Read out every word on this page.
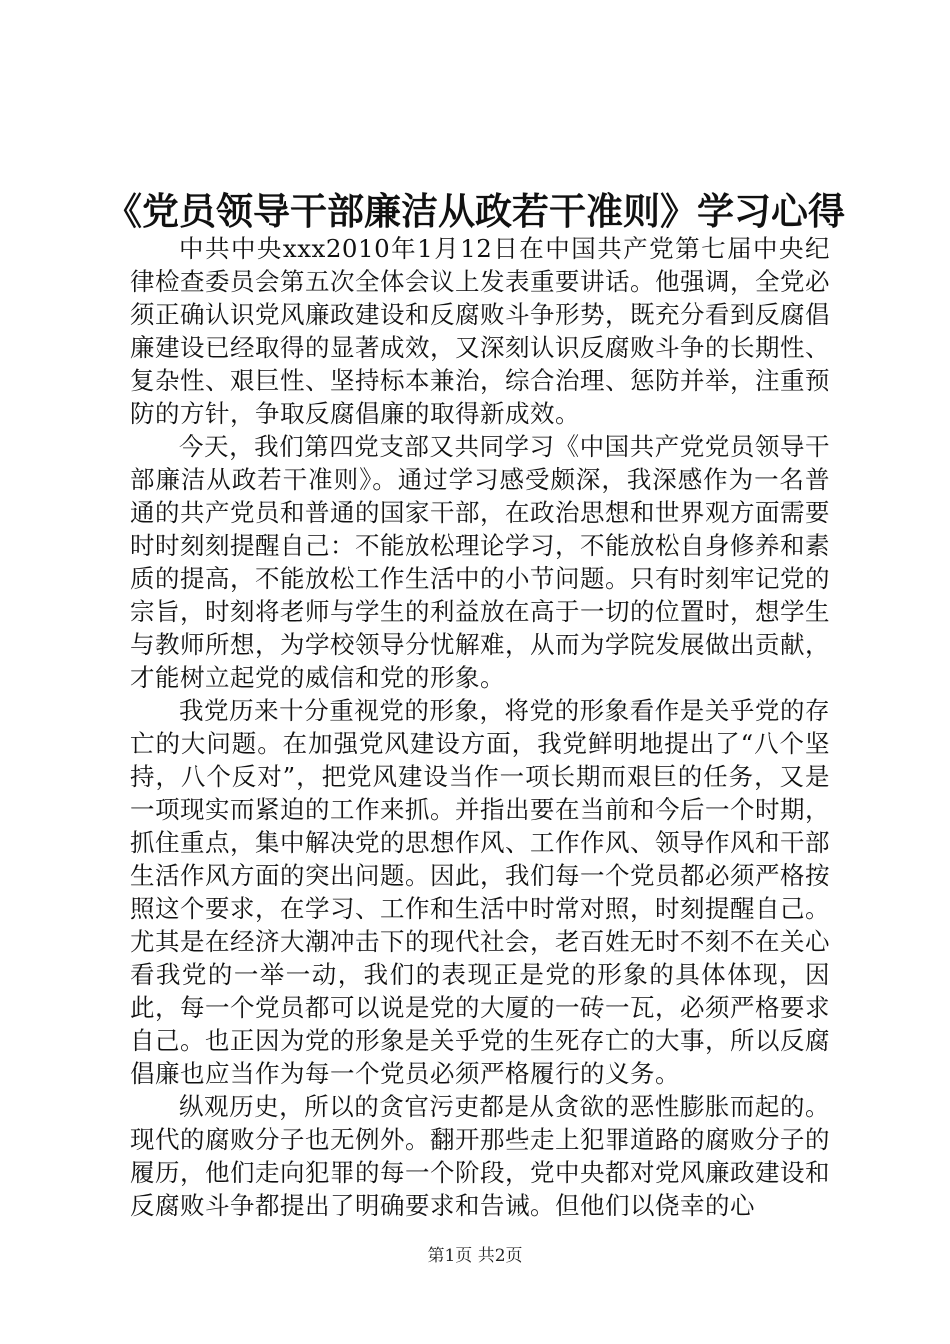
《党员领导干部廉洁从政若干准则》学习心得

中共中央xxx2010年1月12日在中国共产党第七届中央纪律检查委员会第五次全体会议上发表重要讲话。他强调，全党必须正确认识党风廉政建设和反腐败斗争形势，既充分看到反腐倡廉建设已经取得的显著成效，又深刻认识反腐败斗争的长期性、复杂性、艰巨性、坚持标本兼治，综合治理、惩防并举，注重预防的方针，争取反腐倡廉的取得新成效。

今天，我们第四党支部又共同学习《中国共产党党员领导干部廉洁从政若干准则》。通过学习感受颇深，我深感作为一名普通的共产党员和普通的国家干部，在政治思想和世界观方面需要时时刻刻提醒自己：不能放松理论学习，不能放松自身修养和素质的提高，不能放松工作生活中的小节问题。只有时刻牢记党的宗旨，时刻将老师与学生的利益放在高于一切的位置时，想学生与教师所想，为学校领导分忧解难，从而为学院发展做出贡献，才能树立起党的威信和党的形象。

我党历来十分重视党的形象，将党的形象看作是关乎党的存亡的大问题。在加强党风建设方面，我党鲜明地提出了“八个坚持，八个反对”，把党风建设当作一项长期而艰巨的任务，又是一项现实而紧迫的工作来抓。并指出要在当前和今后一个时期，抓住重点，集中解决党的思想作风、工作作风、领导作风和干部生活作风方面的突出问题。因此，我们每一个党员都必须严格按照这个要求，在学习、工作和生活中时常对照，时刻提醒自己。尤其是在经济大潮冲击下的现代社会，老百姓无时不刻不在关心看我党的一举一动，我们的表现正是党的形象的具体体现，因此，每一个党员都可以说是党的大厦的一砖一瓦，必须严格要求自己。也正因为党的形象是关乎党的生死存亡的大事，所以反腐倡廉也应当作为每一个党员必须严格履行的义务。

纵观历史，所以的贪官污吏都是从贪欲的恶性膨胀而起的。现代的腐败分子也无例外。翻开那些走上犯罪道路的腐败分子的履历，他们走向犯罪的每一个阶段，党中央都对党风廉政建设和反腐败斗争都提出了明确要求和告诫。但他们以侥幸的心

第1页 共2页
